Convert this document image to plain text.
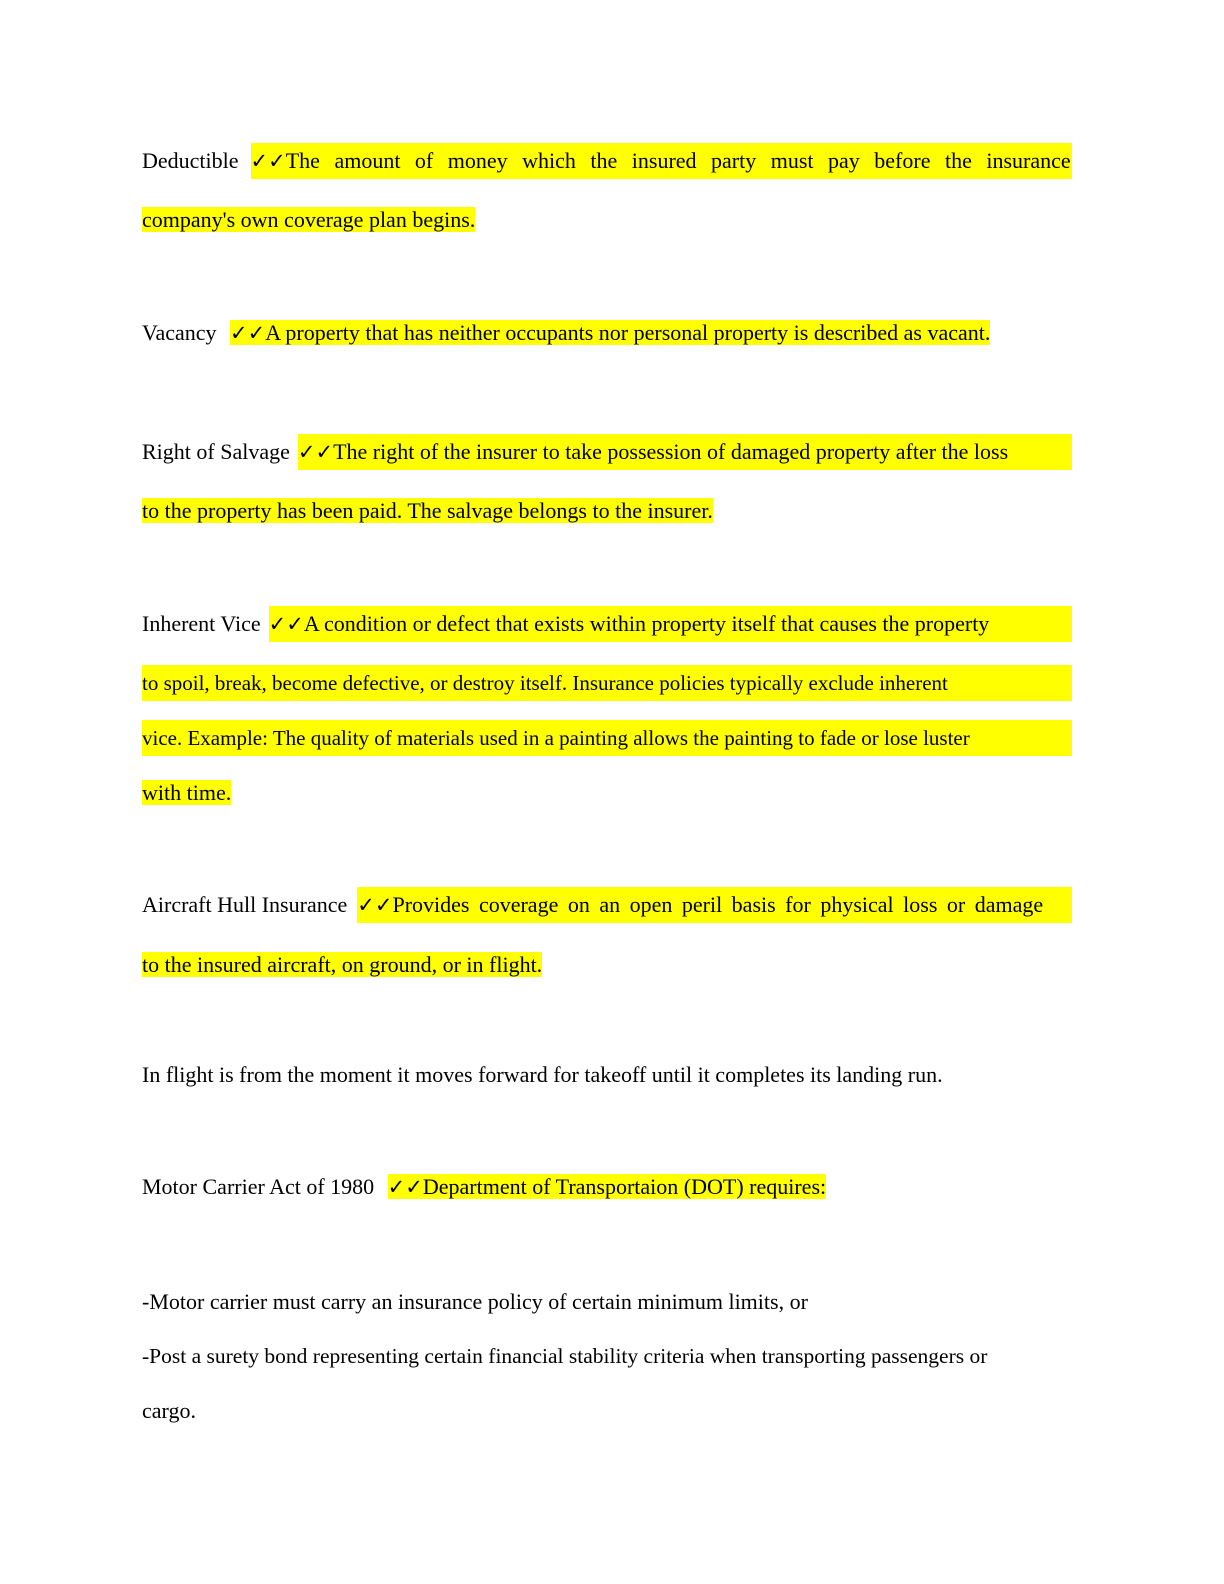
Deductible ✓✓The amount of money which the insured party must pay before the insurance
company's own coverage plan begins.
Vacancy ✓✓A property that has neither occupants nor personal property is described as vacant.
Right of Salvage ✓✓The right of the insurer to take possession of damaged property after the loss
to the property has been paid. The salvage belongs to the insurer.
Inherent Vice ✓✓A condition or defect that exists within property itself that causes the property
to spoil, break, become defective, or destroy itself. Insurance policies typically exclude inherent
vice. Example: The quality of materials used in a painting allows the painting to fade or lose luster
with time.
Aircraft Hull Insurance ✓✓Provides coverage on an open peril basis for physical loss or damage
to the insured aircraft, on ground, or in flight.
In flight is from the moment it moves forward for takeoff until it completes its landing run.
Motor Carrier Act of 1980 ✓✓Department of Transportaion (DOT) requires:
-Motor carrier must carry an insurance policy of certain minimum limits, or
-Post a surety bond representing certain financial stability criteria when transporting passengers or
cargo.
